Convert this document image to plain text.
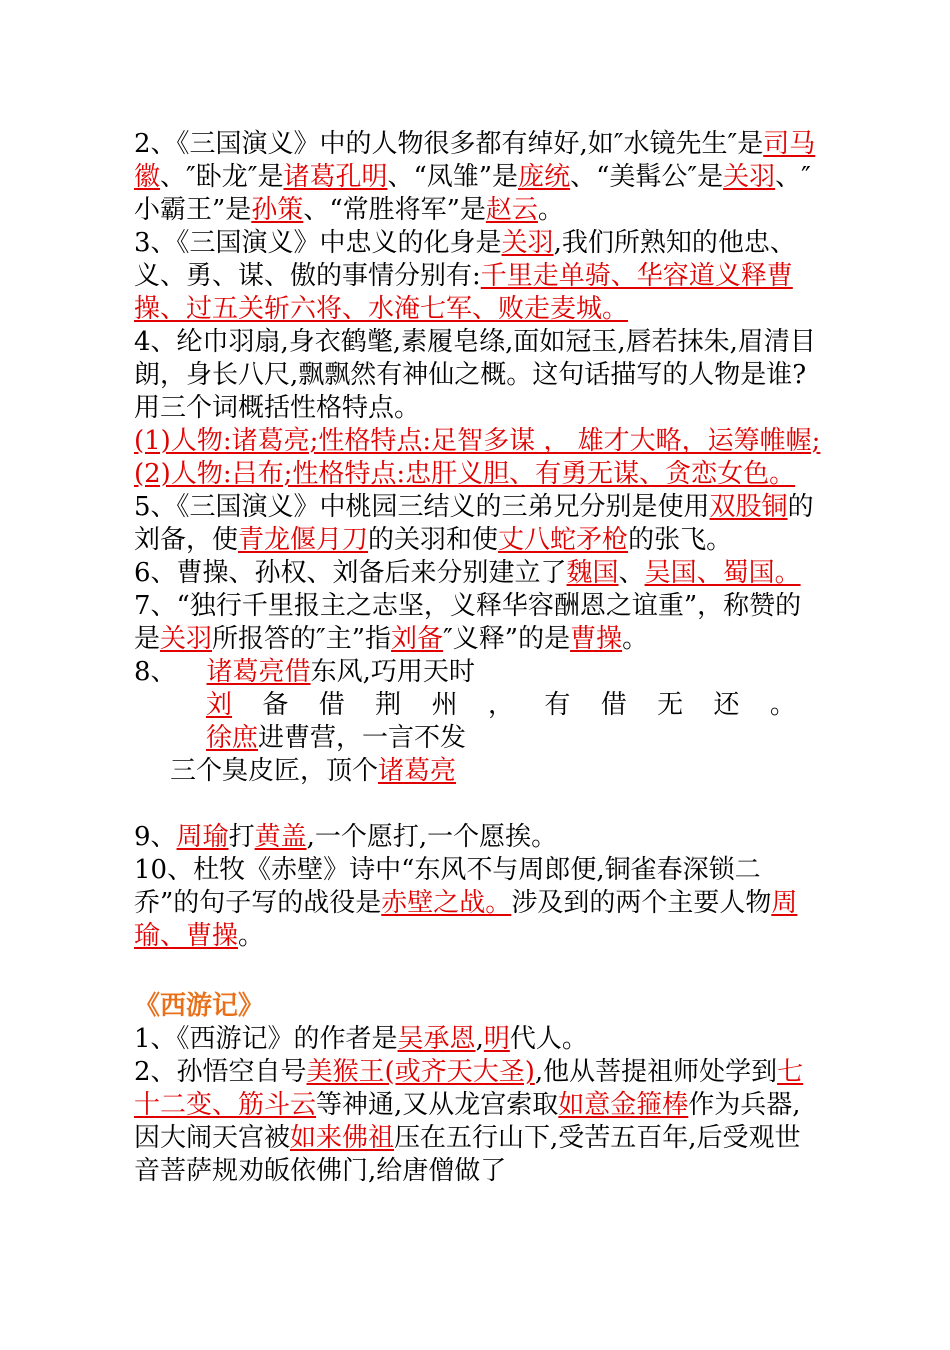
2、《三国演义》中的人物很多都有绰好,如″水镜先生″是司马徽、″卧龙″是诸葛孔明、“凤雏”是庞统、“美髯公″是关羽、″小霸王”是孙策、“常胜将军”是赵云。

3、《三国演义》中忠义的化身是关羽,我们所熟知的他忠、义、勇、谋、傲的事情分别有:千里走单骑、华容道义释曹操、过五关斩六将、水淹七军、败走麦城。

4、纶巾羽扇,身衣鹤氅,素履皂绦,面如冠玉,唇若抹朱,眉清目朗，身长八尺,飘飘然有神仙之概。这句话描写的人物是谁?用三个词概括性格特点。

(1)人物:诸葛亮;性格特点:足智多谋 ， 雄才大略，运筹帷幄;(2)人物:吕布;性格特点:忠肝义胆、有勇无谋、贪恋女色。

5、《三国演义》中桃园三结义的三弟兄分别是使用双股铜的刘备，使青龙偃月刀的关羽和使丈八蛇矛枪的张飞。

6、曹操、孙权、刘备后来分别建立了魏国、吴国、蜀国。

7、“独行千里报主之志坚，义释华容酬恩之谊重”，称赞的是关羽所报答的″主”指刘备″义释”的是曹操。

8、 诸葛亮借东风,巧用天时

刘 备 借 荆 州 ， 有 借 无 还 。

徐庶进曹营，一言不发

三个臭皮匠，顶个诸葛亮

9、周瑜打黄盖,一个愿打,一个愿挨。

10、杜牧《赤壁》诗中“东风不与周郎便,铜雀春深锁二乔”的句子写的战役是赤壁之战。涉及到的两个主要人物周瑜、曹操。

《西游记》

1、《西游记》的作者是吴承恩,明代人。

2、孙悟空自号美猴王(或齐天大圣),他从菩提祖师处学到七十二变、筋斗云等神通,又从龙宫索取如意金箍棒作为兵器,因大闹天宫被如来佛祖压在五行山下,受苦五百年,后受观世音菩萨规劝皈依佛门,给唐僧做了
